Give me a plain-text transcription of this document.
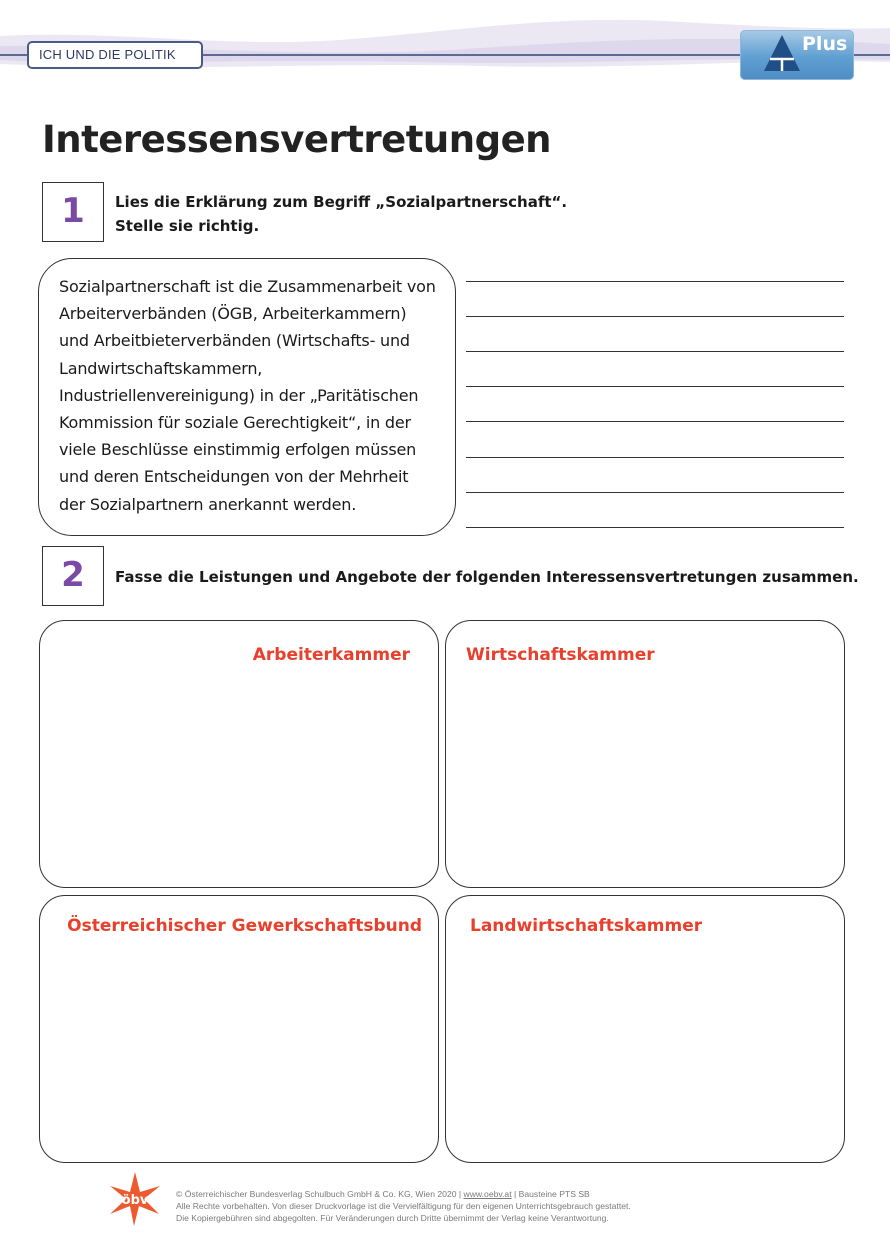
ICH UND DIE POLITIK	Plus
Interessensvertretungen
1	Lies die Erklärung zum Begriff „Sozialpartnerschaft“.
Stelle sie richtig.
Sozialpartnerschaft ist die Zusammenarbeit von
Arbeiterverbänden (ÖGB, Arbeiterkammern)
und Arbeitbieterverbänden (Wirtschafts- und
Landwirtschaftskammern,
Industriellenvereinigung) in der „Paritätischen
Kommission für soziale Gerechtigkeit“, in der
viele Beschlüsse einstimmig erfolgen müssen
und deren Entscheidungen von der Mehrheit
der Sozialpartnern anerkannt werden.
2	Fasse die Leistungen und Angebote der folgenden Interessensvertretungen zusammen.
Arbeiterkammer	Wirtschaftskammer
Österreichischer Gewerkschaftsbund	Landwirtschaftskammer
öbv	© Österreichischer Bundesverlag Schulbuch GmbH & Co. KG, Wien 2020 | www.oebv.at | Bausteine PTS SB
Alle Rechte vorbehalten. Von dieser Druckvorlage ist die Vervielfältigung für den eigenen Unterrichtsgebrauch gestattet.
Die Kopiergebühren sind abgegolten. Für Veränderungen durch Dritte übernimmt der Verlag keine Verantwortung.
